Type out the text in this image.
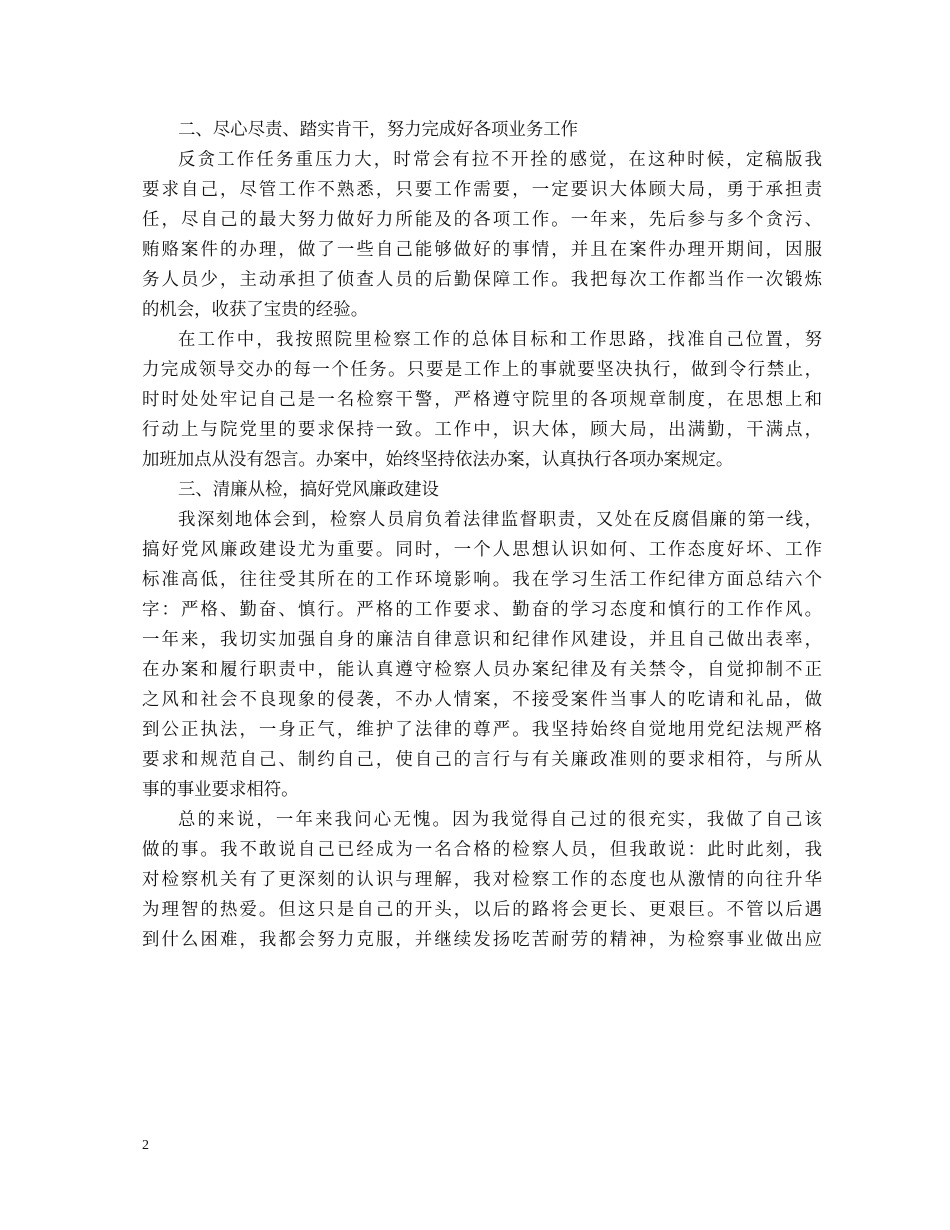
二、尽心尽责、踏实肯干，努力完成好各项业务工作
反贪工作任务重压力大，时常会有拉不开拴的感觉，在这种时候，定稿版我
要求自己，尽管工作不熟悉，只要工作需要，一定要识大体顾大局，勇于承担责
任，尽自己的最大努力做好力所能及的各项工作。一年来，先后参与多个贪污、
贿赂案件的办理，做了一些自己能够做好的事情，并且在案件办理开期间，因服
务人员少，主动承担了侦查人员的后勤保障工作。我把每次工作都当作一次锻炼
的机会，收获了宝贵的经验。
在工作中，我按照院里检察工作的总体目标和工作思路，找准自己位置，努
力完成领导交办的每一个任务。只要是工作上的事就要坚决执行，做到令行禁止，
时时处处牢记自己是一名检察干警，严格遵守院里的各项规章制度，在思想上和
行动上与院党里的要求保持一致。工作中，识大体，顾大局，出满勤，干满点，
加班加点从没有怨言。办案中，始终坚持依法办案，认真执行各项办案规定。
三、清廉从检，搞好党风廉政建设
我深刻地体会到，检察人员肩负着法律监督职责，又处在反腐倡廉的第一线，
搞好党风廉政建设尤为重要。同时，一个人思想认识如何、工作态度好坏、工作
标准高低，往往受其所在的工作环境影响。我在学习生活工作纪律方面总结六个
字：严格、勤奋、慎行。严格的工作要求、勤奋的学习态度和慎行的工作作风。
一年来，我切实加强自身的廉洁自律意识和纪律作风建设，并且自己做出表率，
在办案和履行职责中，能认真遵守检察人员办案纪律及有关禁令，自觉抑制不正
之风和社会不良现象的侵袭，不办人情案，不接受案件当事人的吃请和礼品，做
到公正执法，一身正气，维护了法律的尊严。我坚持始终自觉地用党纪法规严格
要求和规范自己、制约自己，使自己的言行与有关廉政准则的要求相符，与所从
事的事业要求相符。
总的来说，一年来我问心无愧。因为我觉得自己过的很充实，我做了自己该
做的事。我不敢说自己已经成为一名合格的检察人员，但我敢说：此时此刻，我
对检察机关有了更深刻的认识与理解，我对检察工作的态度也从激情的向往升华
为理智的热爱。但这只是自己的开头，以后的路将会更长、更艰巨。不管以后遇
到什么困难，我都会努力克服，并继续发扬吃苦耐劳的精神，为检察事业做出应
2
